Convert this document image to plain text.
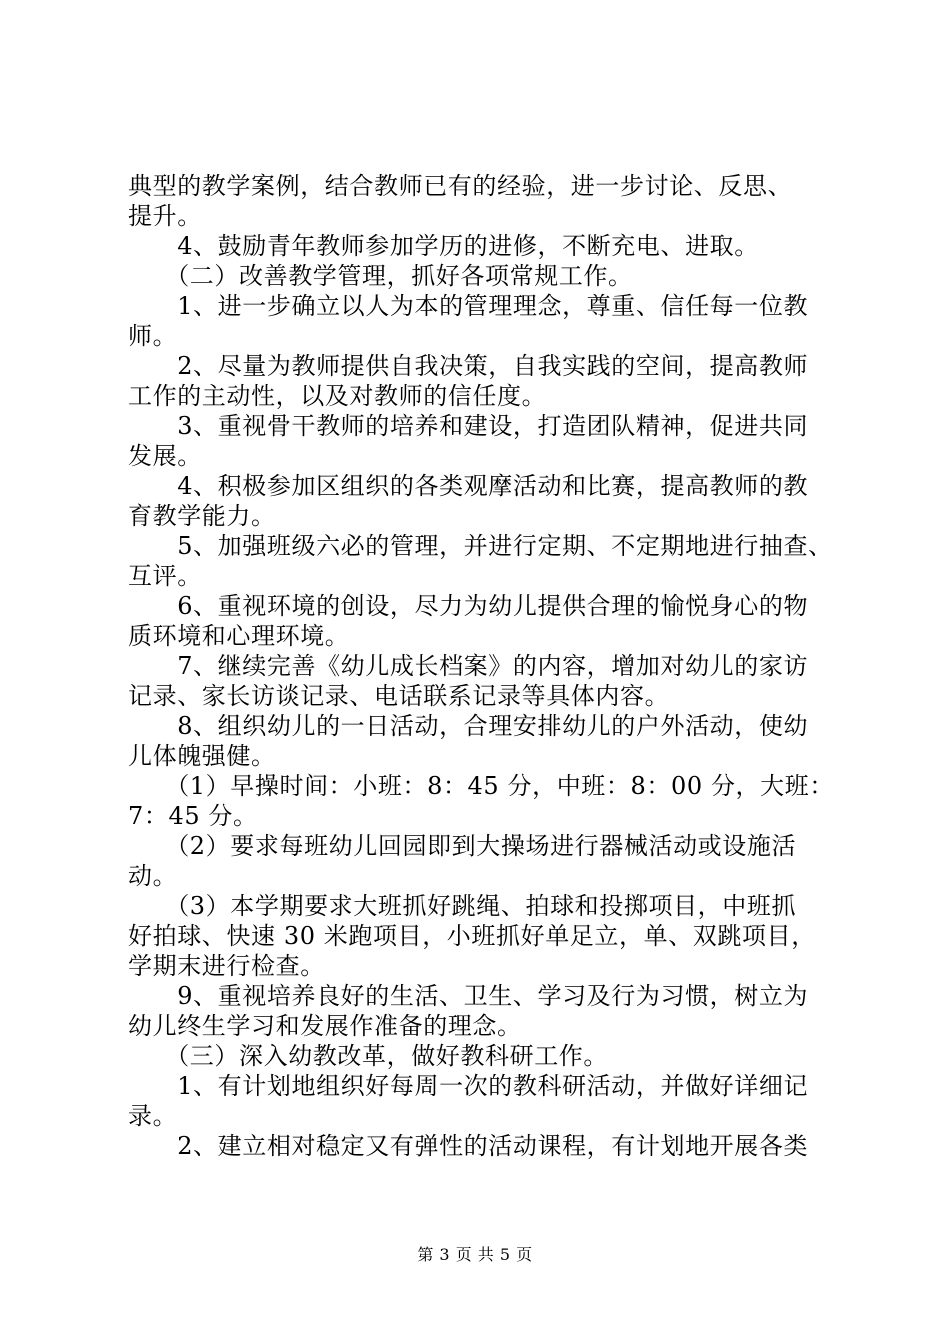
典型的教学案例，结合教师已有的经验，进一步讨论、反思、

提升。

　　4、鼓励青年教师参加学历的进修，不断充电、进取。

　　（二）改善教学管理，抓好各项常规工作。

　　1、进一步确立以人为本的管理理念，尊重、信任每一位教

师。

　　2、尽量为教师提供自我决策，自我实践的空间，提高教师

工作的主动性，以及对教师的信任度。

　　3、重视骨干教师的培养和建设，打造团队精神，促进共同

发展。

　　4、积极参加区组织的各类观摩活动和比赛，提高教师的教

育教学能力。

　　5、加强班级六必的管理，并进行定期、不定期地进行抽查、

互评。

　　6、重视环境的创设，尽力为幼儿提供合理的愉悦身心的物

质环境和心理环境。

　　7、继续完善《幼儿成长档案》的内容，增加对幼儿的家访

记录、家长访谈记录、电话联系记录等具体内容。

　　8、组织幼儿的一日活动，合理安排幼儿的户外活动，使幼

儿体魄强健。

　　（1）早操时间：小班：8：45 分，中班：8：00 分，大班：

7：45 分。

　　（2）要求每班幼儿回园即到大操场进行器械活动或设施活

动。

　　（3）本学期要求大班抓好跳绳、拍球和投掷项目，中班抓

好拍球、快速 30 米跑项目，小班抓好单足立，单、双跳项目，

学期末进行检查。

　　9、重视培养良好的生活、卫生、学习及行为习惯，树立为

幼儿终生学习和发展作准备的理念。

　　（三）深入幼教改革，做好教科研工作。

　　1、有计划地组织好每周一次的教科研活动，并做好详细记

录。

　　2、建立相对稳定又有弹性的活动课程，有计划地开展各类

第 3 页 共 5 页
